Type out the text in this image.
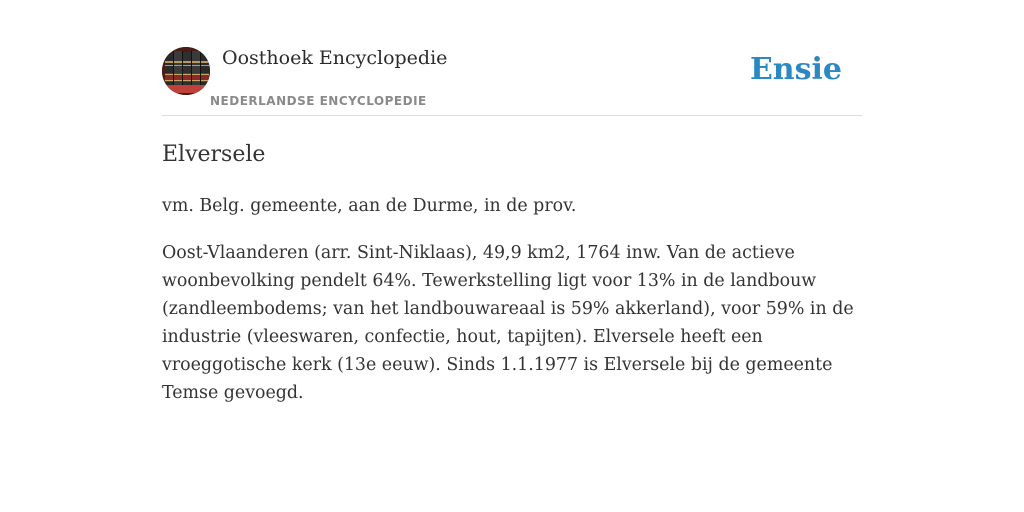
Oosthoek Encyclopedie
NEDERLANDSE ENCYCLOPEDIE
Ensie
Elversele

vm. Belg. gemeente, aan de Durme, in de prov.

Oost-Vlaanderen (arr. Sint-Niklaas), 49,9 km2, 1764 inw. Van de actieve woonbevolking pendelt 64%. Tewerkstelling ligt voor 13% in de landbouw (zandleembodems; van het landbouwareaal is 59% akkerland), voor 59% in de industrie (vleeswaren, confectie, hout, tapijten). Elversele heeft een vroeggotische kerk (13e eeuw). Sinds 1.1.1977 is Elversele bij de gemeente Temse gevoegd.
